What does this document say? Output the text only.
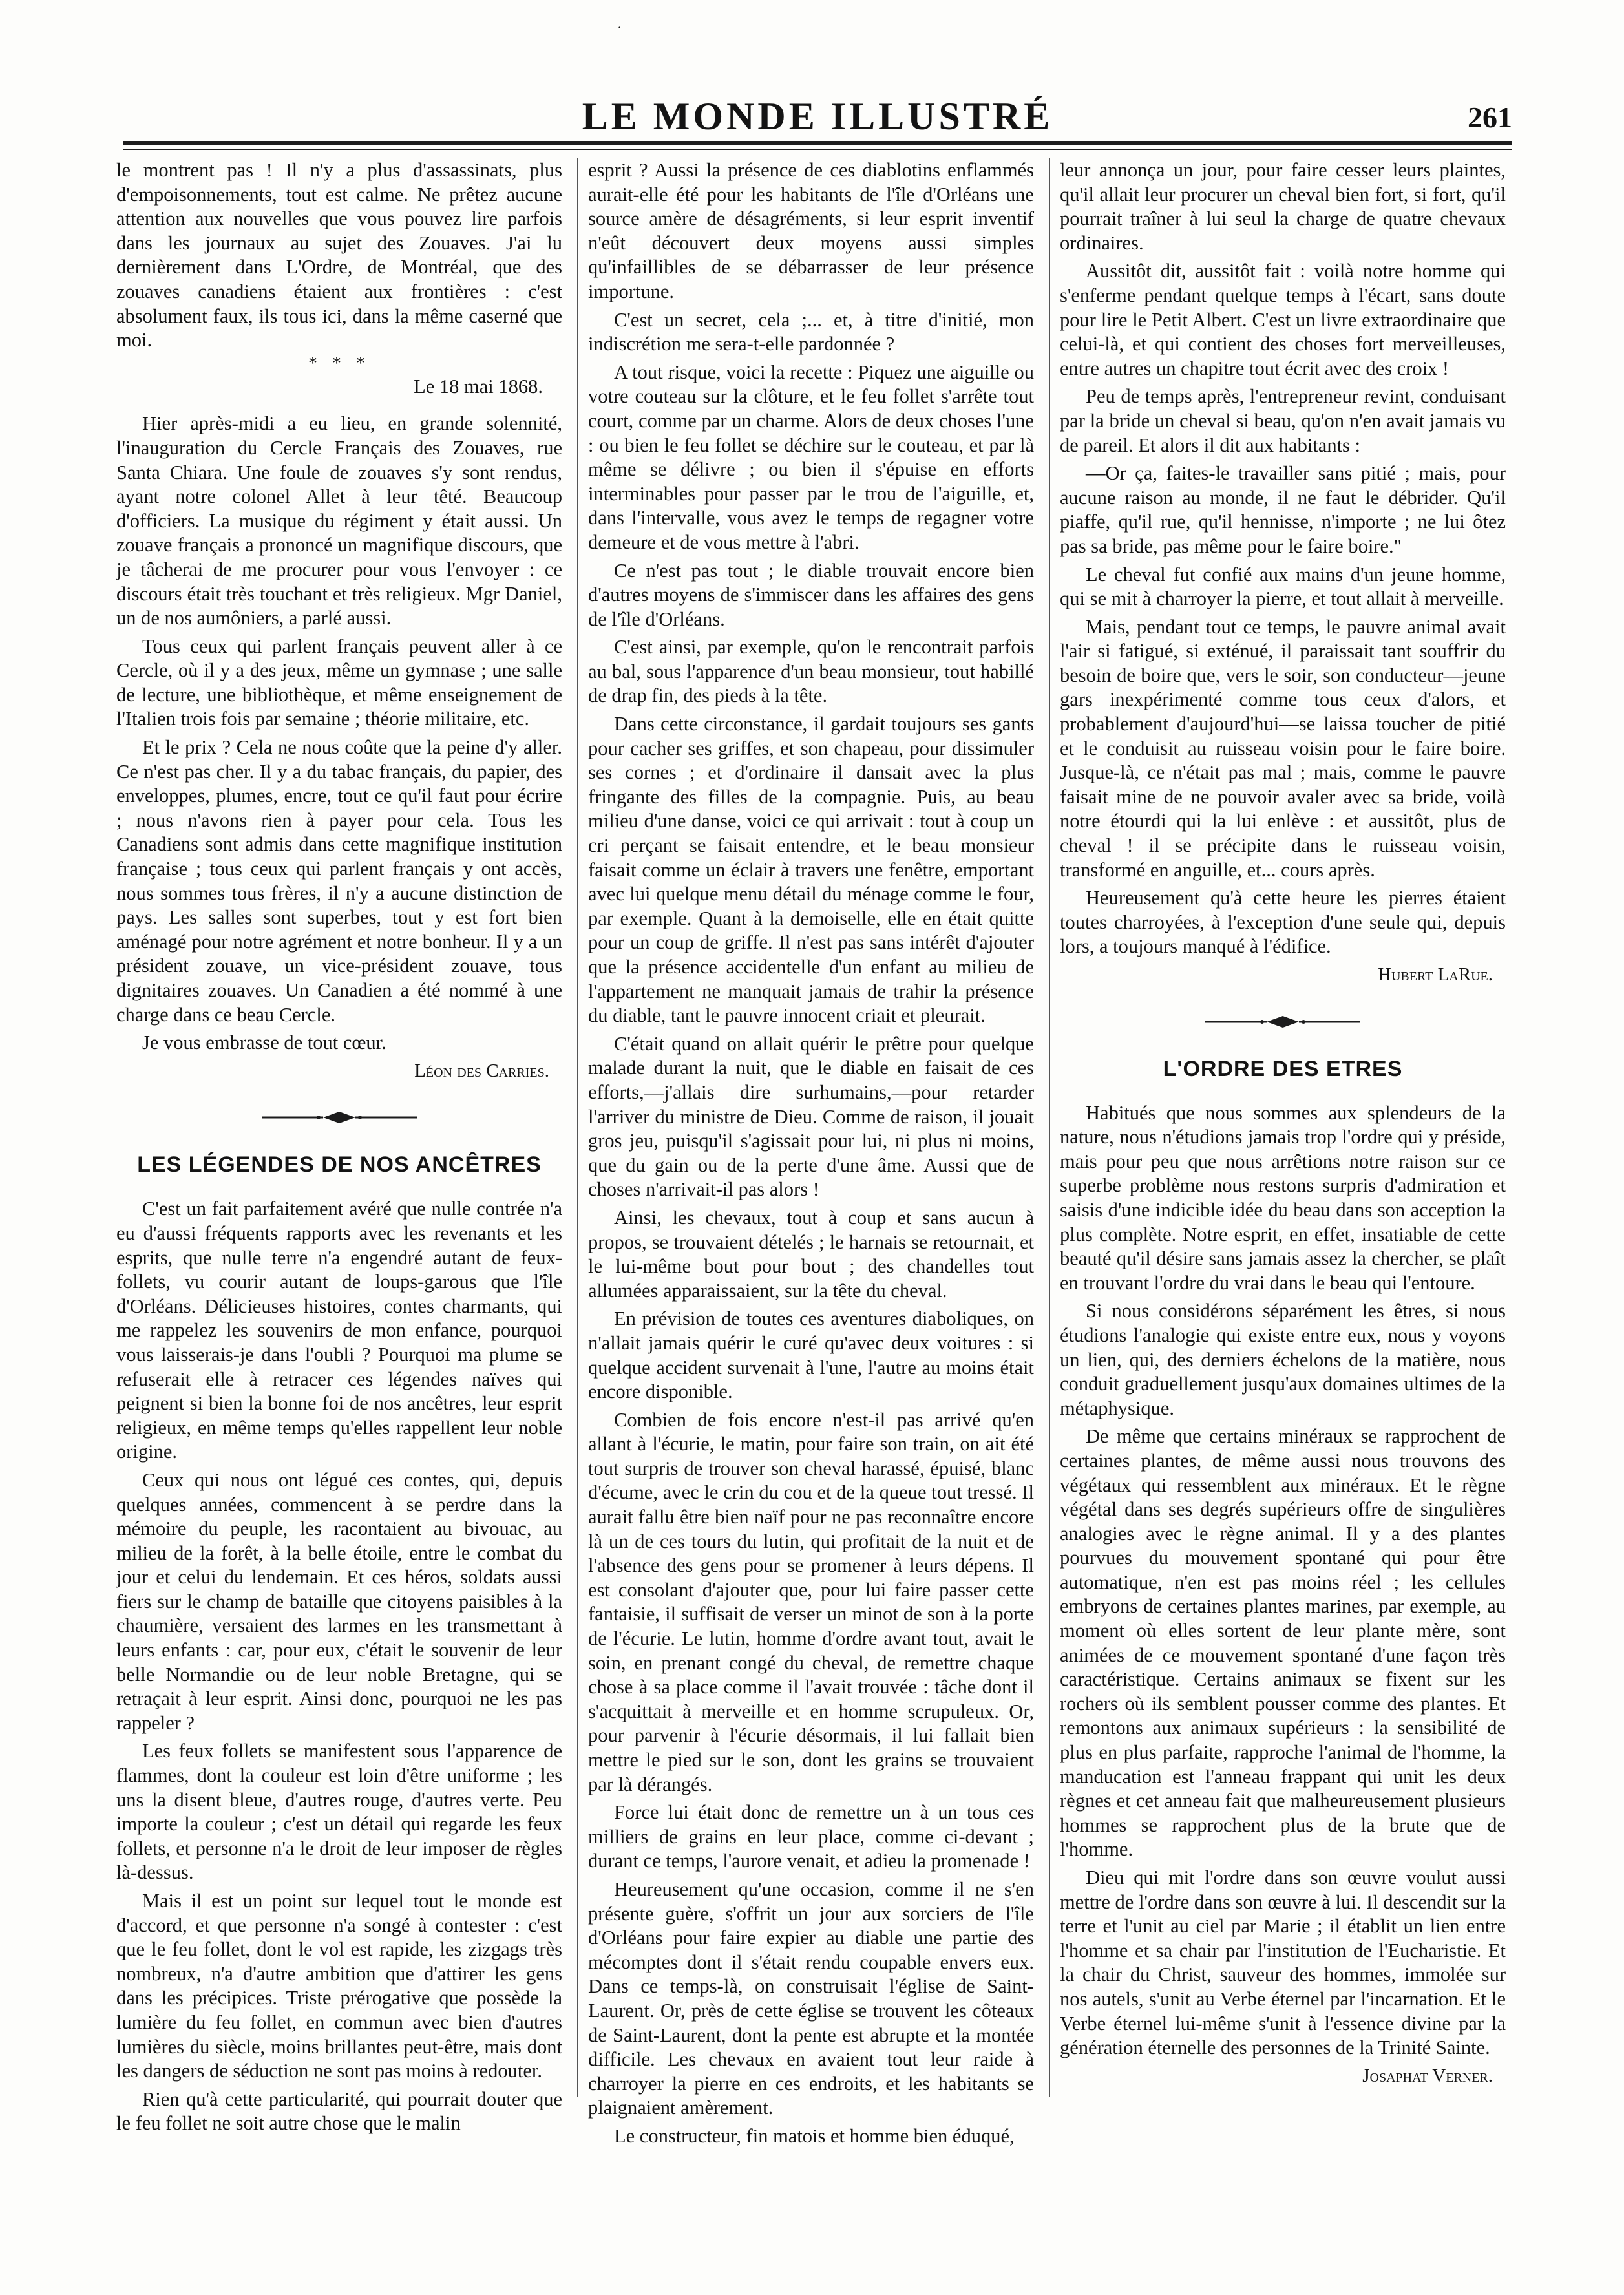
·
LE MONDE ILLUSTRÉ	261

le montrent pas ! Il n'y a plus d'assassinats, plus d'empoisonnements, tout est calme. Ne prêtez aucune attention aux nouvelles que vous pouvez lire parfois dans les journaux au sujet des Zouaves. J'ai lu dernièrement dans L'Ordre, de Montréal, que des zouaves canadiens étaient aux frontières : c'est absolument faux, ils tous ici, dans la même caserné que moi.

* * *
Le 18 mai 1868.

Hier après-midi a eu lieu, en grande solennité, l'inauguration du Cercle Français des Zouaves, rue Santa Chiara. Une foule de zouaves s'y sont rendus, ayant notre colonel Allet à leur têté. Beaucoup d'officiers. La musique du régiment y était aussi. Un zouave français a prononcé un magnifique discours, que je tâcherai de me procurer pour vous l'envoyer : ce discours était très touchant et très religieux. Mgr Daniel, un de nos aumôniers, a parlé aussi.

Tous ceux qui parlent français peuvent aller à ce Cercle, où il y a des jeux, même un gymnase ; une salle de lecture, une bibliothèque, et même enseignement de l'Italien trois fois par semaine ; théorie militaire, etc.

Et le prix ? Cela ne nous coûte que la peine d'y aller. Ce n'est pas cher. Il y a du tabac français, du papier, des enveloppes, plumes, encre, tout ce qu'il faut pour écrire ; nous n'avons rien à payer pour cela. Tous les Canadiens sont admis dans cette magnifique institution française ; tous ceux qui parlent français y ont accès, nous sommes tous frères, il n'y a aucune distinction de pays. Les salles sont superbes, tout y est fort bien aménagé pour notre agrément et notre bonheur. Il y a un président zouave, un vice-président zouave, tous dignitaires zouaves. Un Canadien a été nommé à une charge dans ce beau Cercle.

Je vous embrasse de tout cœur.

Léon des Carries.
LES LÉGENDES DE NOS ANCÊTRES

C'est un fait parfaitement avéré que nulle contrée n'a eu d'aussi fréquents rapports avec les revenants et les esprits, que nulle terre n'a engendré autant de feux-follets, vu courir autant de loups-garous que l'île d'Orléans. Délicieuses histoires, contes charmants, qui me rappelez les souvenirs de mon enfance, pourquoi vous laisserais-je dans l'oubli ? Pourquoi ma plume se refuserait elle à retracer ces légendes naïves qui peignent si bien la bonne foi de nos ancêtres, leur esprit religieux, en même temps qu'elles rappellent leur noble origine.

Ceux qui nous ont légué ces contes, qui, depuis quelques années, commencent à se perdre dans la mémoire du peuple, les racontaient au bivouac, au milieu de la forêt, à la belle étoile, entre le combat du jour et celui du lendemain. Et ces héros, soldats aussi fiers sur le champ de bataille que citoyens paisibles à la chaumière, versaient des larmes en les transmettant à leurs enfants : car, pour eux, c'était le souvenir de leur belle Normandie ou de leur noble Bretagne, qui se retraçait à leur esprit. Ainsi donc, pourquoi ne les pas rappeler ?

Les feux follets se manifestent sous l'apparence de flammes, dont la couleur est loin d'être uniforme ; les uns la disent bleue, d'autres rouge, d'autres verte. Peu importe la couleur ; c'est un détail qui regarde les feux follets, et personne n'a le droit de leur imposer de règles là-dessus.

Mais il est un point sur lequel tout le monde est d'accord, et que personne n'a songé à contester : c'est que le feu follet, dont le vol est rapide, les zizgags très nombreux, n'a d'autre ambition que d'attirer les gens dans les précipices. Triste prérogative que possède la lumière du feu follet, en commun avec bien d'autres lumières du siècle, moins brillantes peut-être, mais dont les dangers de séduction ne sont pas moins à redouter.

Rien qu'à cette particularité, qui pourrait douter que le feu follet ne soit autre chose que le malin

esprit ? Aussi la présence de ces diablotins enflammés aurait-elle été pour les habitants de l'île d'Orléans une source amère de désagréments, si leur esprit inventif n'eût découvert deux moyens aussi simples qu'infaillibles de se débarrasser de leur présence importune.

C'est un secret, cela ;... et, à titre d'initié, mon indiscrétion me sera-t-elle pardonnée ?

A tout risque, voici la recette : Piquez une aiguille ou votre couteau sur la clôture, et le feu follet s'arrête tout court, comme par un charme. Alors de deux choses l'une : ou bien le feu follet se déchire sur le couteau, et par là même se délivre ; ou bien il s'épuise en efforts interminables pour passer par le trou de l'aiguille, et, dans l'intervalle, vous avez le temps de regagner votre demeure et de vous mettre à l'abri.

Ce n'est pas tout ; le diable trouvait encore bien d'autres moyens de s'immiscer dans les affaires des gens de l'île d'Orléans.

C'est ainsi, par exemple, qu'on le rencontrait parfois au bal, sous l'apparence d'un beau monsieur, tout habillé de drap fin, des pieds à la tête.

Dans cette circonstance, il gardait toujours ses gants pour cacher ses griffes, et son chapeau, pour dissimuler ses cornes ; et d'ordinaire il dansait avec la plus fringante des filles de la compagnie. Puis, au beau milieu d'une danse, voici ce qui arrivait : tout à coup un cri perçant se faisait entendre, et le beau monsieur faisait comme un éclair à travers une fenêtre, emportant avec lui quelque menu détail du ménage comme le four, par exemple. Quant à la demoiselle, elle en était quitte pour un coup de griffe. Il n'est pas sans intérêt d'ajouter que la présence accidentelle d'un enfant au milieu de l'appartement ne manquait jamais de trahir la présence du diable, tant le pauvre innocent criait et pleurait.

C'était quand on allait quérir le prêtre pour quelque malade durant la nuit, que le diable en faisait de ces efforts,—j'allais dire surhumains,—pour retarder l'arriver du ministre de Dieu. Comme de raison, il jouait gros jeu, puisqu'il s'agissait pour lui, ni plus ni moins, que du gain ou de la perte d'une âme. Aussi que de choses n'arrivait-il pas alors !

Ainsi, les chevaux, tout à coup et sans aucun à propos, se trouvaient dételés ; le harnais se retournait, et le lui-même bout pour bout ; des chandelles tout allumées apparaissaient, sur la tête du cheval.

En prévision de toutes ces aventures diaboliques, on n'allait jamais quérir le curé qu'avec deux voitures : si quelque accident survenait à l'une, l'autre au moins était encore disponible.

Combien de fois encore n'est-il pas arrivé qu'en allant à l'écurie, le matin, pour faire son train, on ait été tout surpris de trouver son cheval harassé, épuisé, blanc d'écume, avec le crin du cou et de la queue tout tressé. Il aurait fallu être bien naïf pour ne pas reconnaître encore là un de ces tours du lutin, qui profitait de la nuit et de l'absence des gens pour se promener à leurs dépens. Il est consolant d'ajouter que, pour lui faire passer cette fantaisie, il suffisait de verser un minot de son à la porte de l'écurie. Le lutin, homme d'ordre avant tout, avait le soin, en prenant congé du cheval, de remettre chaque chose à sa place comme il l'avait trouvée : tâche dont il s'acquittait à merveille et en homme scrupuleux. Or, pour parvenir à l'écurie désormais, il lui fallait bien mettre le pied sur le son, dont les grains se trouvaient par là dérangés.

Force lui était donc de remettre un à un tous ces milliers de grains en leur place, comme ci-devant ; durant ce temps, l'aurore venait, et adieu la promenade !

Heureusement qu'une occasion, comme il ne s'en présente guère, s'offrit un jour aux sorciers de l'île d'Orléans pour faire expier au diable une partie des mécomptes dont il s'était rendu coupable envers eux. Dans ce temps-là, on construisait l'église de Saint-Laurent. Or, près de cette église se trouvent les côteaux de Saint-Laurent, dont la pente est abrupte et la montée difficile. Les chevaux en avaient tout leur raide à charroyer la pierre en ces endroits, et les habitants se plaignaient amèrement.

Le constructeur, fin matois et homme bien éduqué,

leur annonça un jour, pour faire cesser leurs plaintes, qu'il allait leur procurer un cheval bien fort, si fort, qu'il pourrait traîner à lui seul la charge de quatre chevaux ordinaires.

Aussitôt dit, aussitôt fait : voilà notre homme qui s'enferme pendant quelque temps à l'écart, sans doute pour lire le Petit Albert. C'est un livre extraordinaire que celui-là, et qui contient des choses fort merveilleuses, entre autres un chapitre tout écrit avec des croix !

Peu de temps après, l'entrepreneur revint, conduisant par la bride un cheval si beau, qu'on n'en avait jamais vu de pareil. Et alors il dit aux habitants :

—Or ça, faites-le travailler sans pitié ; mais, pour aucune raison au monde, il ne faut le débrider. Qu'il piaffe, qu'il rue, qu'il hennisse, n'importe ; ne lui ôtez pas sa bride, pas même pour le faire boire."

Le cheval fut confié aux mains d'un jeune homme, qui se mit à charroyer la pierre, et tout allait à merveille.

Mais, pendant tout ce temps, le pauvre animal avait l'air si fatigué, si exténué, il paraissait tant souffrir du besoin de boire que, vers le soir, son conducteur—jeune gars inexpérimenté comme tous ceux d'alors, et probablement d'aujourd'hui—se laissa toucher de pitié et le conduisit au ruisseau voisin pour le faire boire. Jusque-là, ce n'était pas mal ; mais, comme le pauvre faisait mine de ne pouvoir avaler avec sa bride, voilà notre étourdi qui la lui enlève : et aussitôt, plus de cheval ! il se précipite dans le ruisseau voisin, transformé en anguille, et... cours après.

Heureusement qu'à cette heure les pierres étaient toutes charroyées, à l'exception d'une seule qui, depuis lors, a toujours manqué à l'édifice.

Hubert LaRue.
L'ORDRE DES ETRES

Habitués que nous sommes aux splendeurs de la nature, nous n'étudions jamais trop l'ordre qui y préside, mais pour peu que nous arrêtions notre raison sur ce superbe problème nous restons surpris d'admiration et saisis d'une indicible idée du beau dans son acception la plus complète. Notre esprit, en effet, insatiable de cette beauté qu'il désire sans jamais assez la chercher, se plaît en trouvant l'ordre du vrai dans le beau qui l'entoure.

Si nous considérons séparément les êtres, si nous étudions l'analogie qui existe entre eux, nous y voyons un lien, qui, des derniers échelons de la matière, nous conduit graduellement jusqu'aux domaines ultimes de la métaphysique.

De même que certains minéraux se rapprochent de certaines plantes, de même aussi nous trouvons des végétaux qui ressemblent aux minéraux. Et le règne végétal dans ses degrés supérieurs offre de singulières analogies avec le règne animal. Il y a des plantes pourvues du mouvement spontané qui pour être automatique, n'en est pas moins réel ; les cellules embryons de certaines plantes marines, par exemple, au moment où elles sortent de leur plante mère, sont animées de ce mouvement spontané d'une façon très caractéristique. Certains animaux se fixent sur les rochers où ils semblent pousser comme des plantes. Et remontons aux animaux supérieurs : la sensibilité de plus en plus parfaite, rapproche l'animal de l'homme, la manducation est l'anneau frappant qui unit les deux règnes et cet anneau fait que malheureusement plusieurs hommes se rapprochent plus de la brute que de l'homme.

Dieu qui mit l'ordre dans son œuvre voulut aussi mettre de l'ordre dans son œuvre à lui. Il descendit sur la terre et l'unit au ciel par Marie ; il établit un lien entre l'homme et sa chair par l'institution de l'Eucharistie. Et la chair du Christ, sauveur des hommes, immolée sur nos autels, s'unit au Verbe éternel par l'incarnation. Et le Verbe éternel lui-même s'unit à l'essence divine par la génération éternelle des personnes de la Trinité Sainte.

Josaphat Verner.
